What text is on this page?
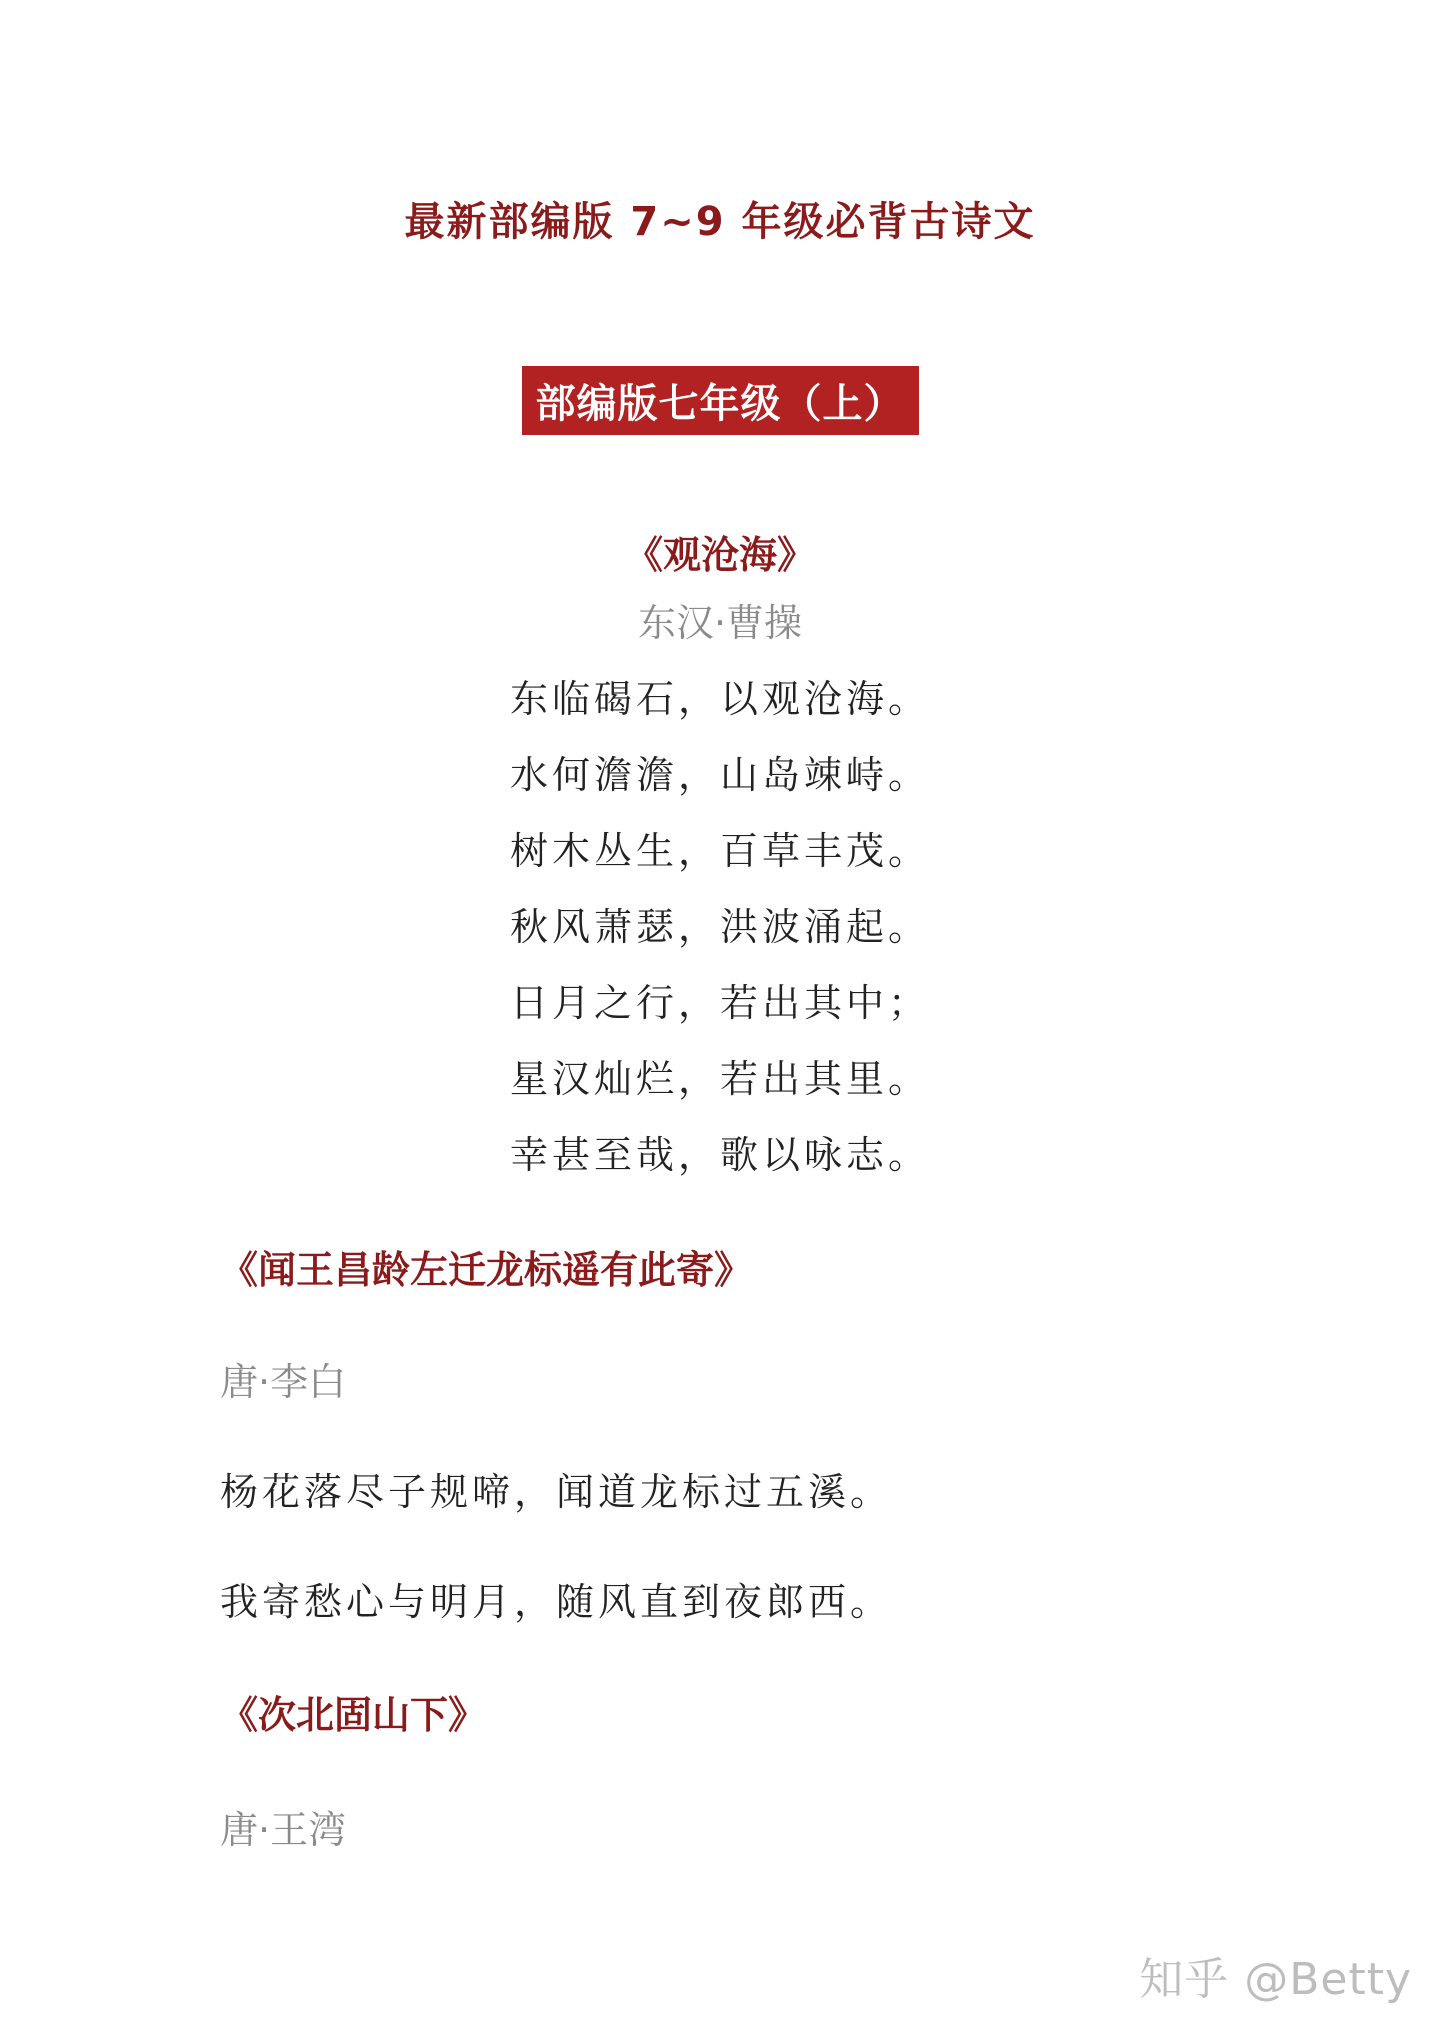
最新部编版 7~9 年级必背古诗文
部编版七年级（上）
《观沧海》
东汉·曹操
东临碣石，以观沧海。
水何澹澹，山岛竦峙。
树木丛生，百草丰茂。
秋风萧瑟，洪波涌起。
日月之行，若出其中；
星汉灿烂，若出其里。
幸甚至哉，歌以咏志。
《闻王昌龄左迁龙标遥有此寄》
唐·李白
杨花落尽子规啼，闻道龙标过五溪。
我寄愁心与明月，随风直到夜郎西。
《次北固山下》
唐·王湾
知乎 @Betty
